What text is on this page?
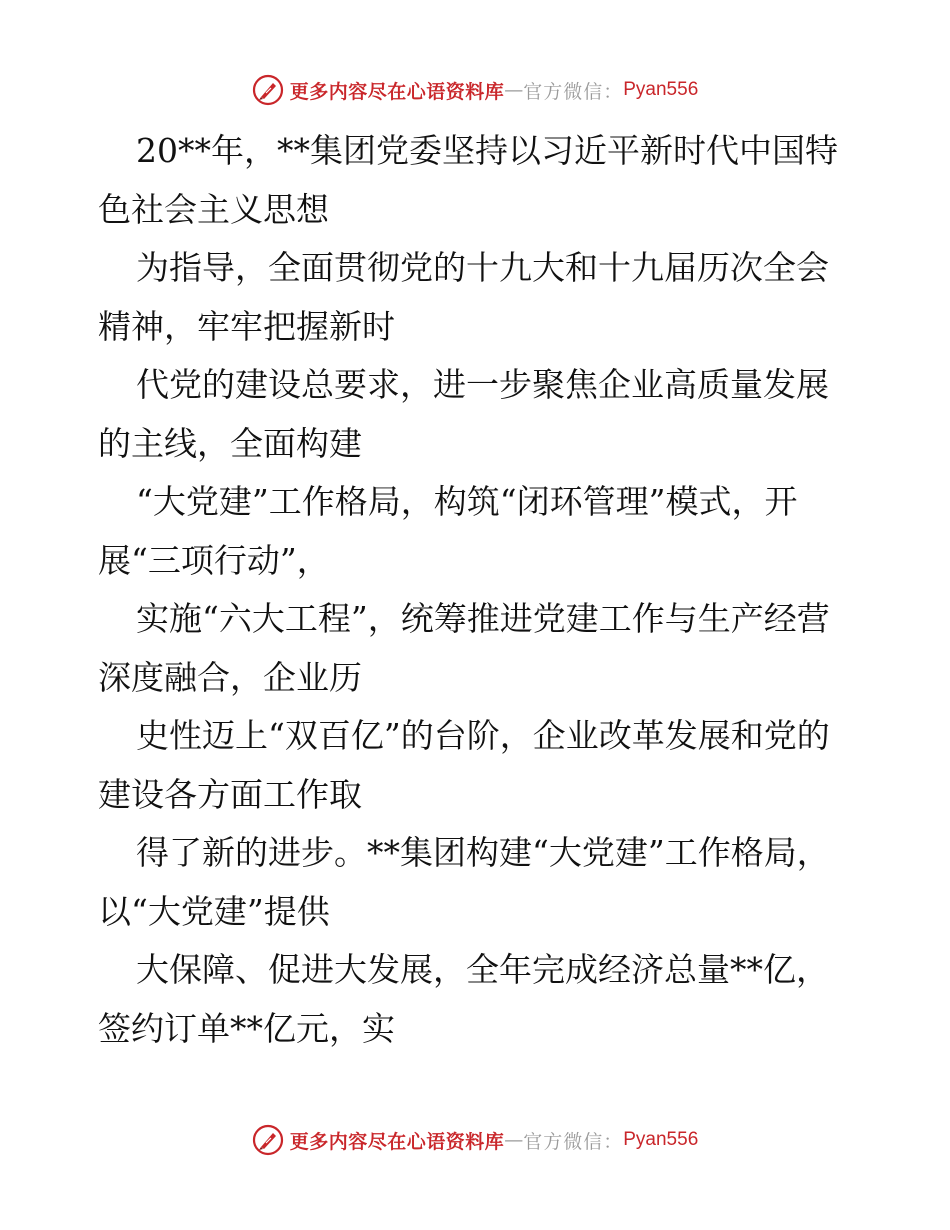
更多内容尽在心语资料库 — 官方微信： Pyan556

20**年，**集团党委坚持以习近平新时代中国特色社会主义思想

为指导，全面贯彻党的十九大和十九届历次全会精神，牢牢把握新时

代党的建设总要求，进一步聚焦企业高质量发展的主线，全面构建

“大党建”工作格局，构筑“闭环管理”模式，开展“三项行动”，

实施“六大工程”，统筹推进党建工作与生产经营深度融合，企业历

史性迈上“双百亿”的台阶，企业改革发展和党的建设各方面工作取

得了新的进步。**集团构建“大党建”工作格局，以“大党建”提供

大保障、促进大发展，全年完成经济总量**亿，签约订单**亿元，实

更多内容尽在心语资料库 — 官方微信： Pyan556
